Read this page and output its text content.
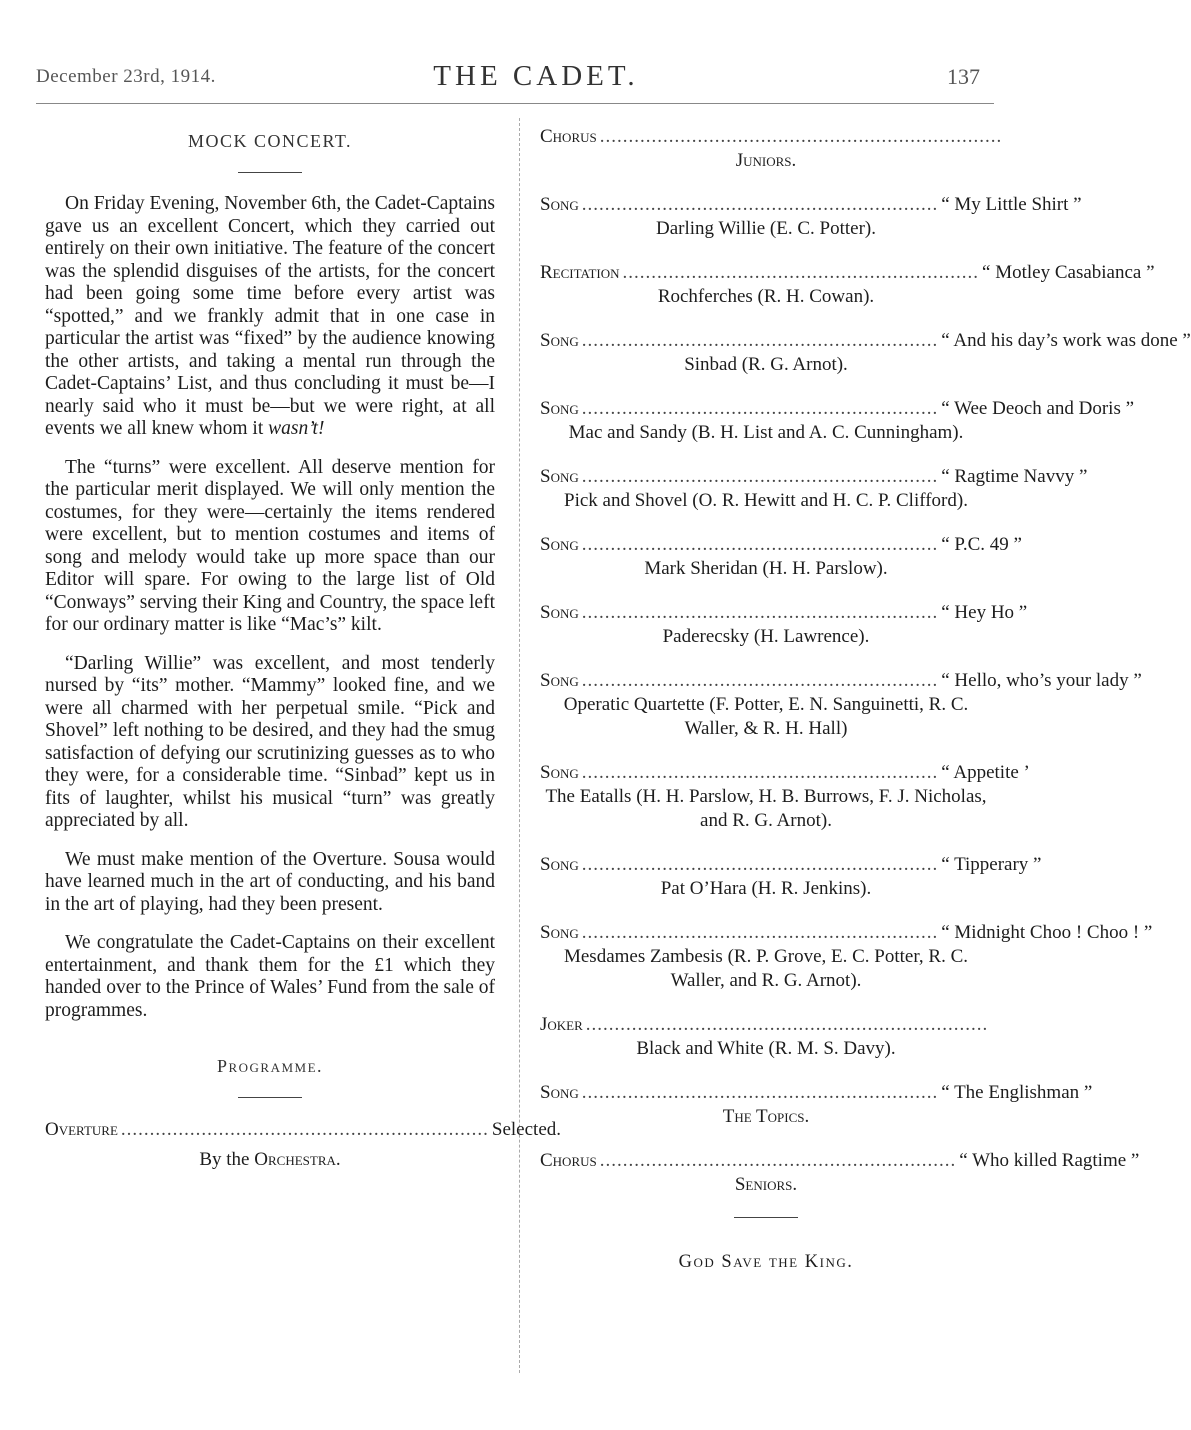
December 23rd, 1914.	THE CADET.	137
MOCK CONCERT.

On Friday Evening, November 6th, the Cadet-Captains gave us an excellent Concert, which they carried out entirely on their own initiative. The feature of the concert was the splendid disguises of the artists, for the concert had been going some time before every artist was “spotted,” and we frankly admit that in one case in particular the artist was “fixed” by the audience knowing the other artists, and taking a mental run through the Cadet-Captains’ List, and thus concluding it must be—I nearly said who it must be—but we were right, at all events we all knew whom it wasn’t!

The “turns” were excellent. All deserve mention for the particular merit displayed. We will only mention the costumes, for they were—certainly the items rendered were excellent, but to mention costumes and items of song and melody would take up more space than our Editor will spare. For owing to the large list of Old “Conways” serving their King and Country, the space left for our ordinary matter is like “Mac’s” kilt.

“Darling Willie” was excellent, and most tenderly nursed by “its” mother. “Mammy” looked fine, and we were all charmed with her perpetual smile. “Pick and Shovel” left nothing to be desired, and they had the smug satisfaction of defying our scrutinizing guesses as to who they were, for a considerable time. “Sinbad” kept us in fits of laughter, whilst his musical “turn” was greatly appreciated by all.

We must make mention of the Overture. Sousa would have learned much in the art of conducting, and his band in the art of playing, had they been present.

We congratulate the Cadet-Captains on their excellent entertainment, and thank them for the £1 which they handed over to the Prince of Wales’ Fund from the sale of programmes.

Programme.
Overture ................................................................ Selected.
By the Orchestra.
Chorus ......................................................................
Juniors.
Song .............................................................. “ My Little Shirt ”
Darling Willie (E. C. Potter).
Recitation .............................................................. “ Motley Casabianca ”
Rochferches (R. H. Cowan).
Song .............................................................. “ And his day’s work was done ”
Sinbad (R. G. Arnot).
Song .............................................................. “ Wee Deoch and Doris ”
Mac and Sandy (B. H. List and A. C. Cunningham).
Song .............................................................. “ Ragtime Navvy ”
Pick and Shovel (O. R. Hewitt and H. C. P. Clifford).
Song .............................................................. “ P.C. 49 ”
Mark Sheridan (H. H. Parslow).
Song .............................................................. “ Hey Ho ”
Paderecsky (H. Lawrence).
Song .............................................................. “ Hello, who’s your lady ”
Operatic Quartette (F. Potter, E. N. Sanguinetti, R. C. Waller, & R. H. Hall)
Song .............................................................. “ Appetite ’
The Eatalls (H. H. Parslow, H. B. Burrows, F. J. Nicholas, and R. G. Arnot).
Song .............................................................. “ Tipperary ”
Pat O’Hara (H. R. Jenkins).
Song .............................................................. “ Midnight Choo ! Choo ! ”
Mesdames Zambesis (R. P. Grove, E. C. Potter, R. C. Waller, and R. G. Arnot).
Joker ......................................................................
Black and White (R. M. S. Davy).
Song .............................................................. “ The Englishman ”
The Topics.
Chorus .............................................................. “ Who killed Ragtime ”
Seniors.
God Save the King.
